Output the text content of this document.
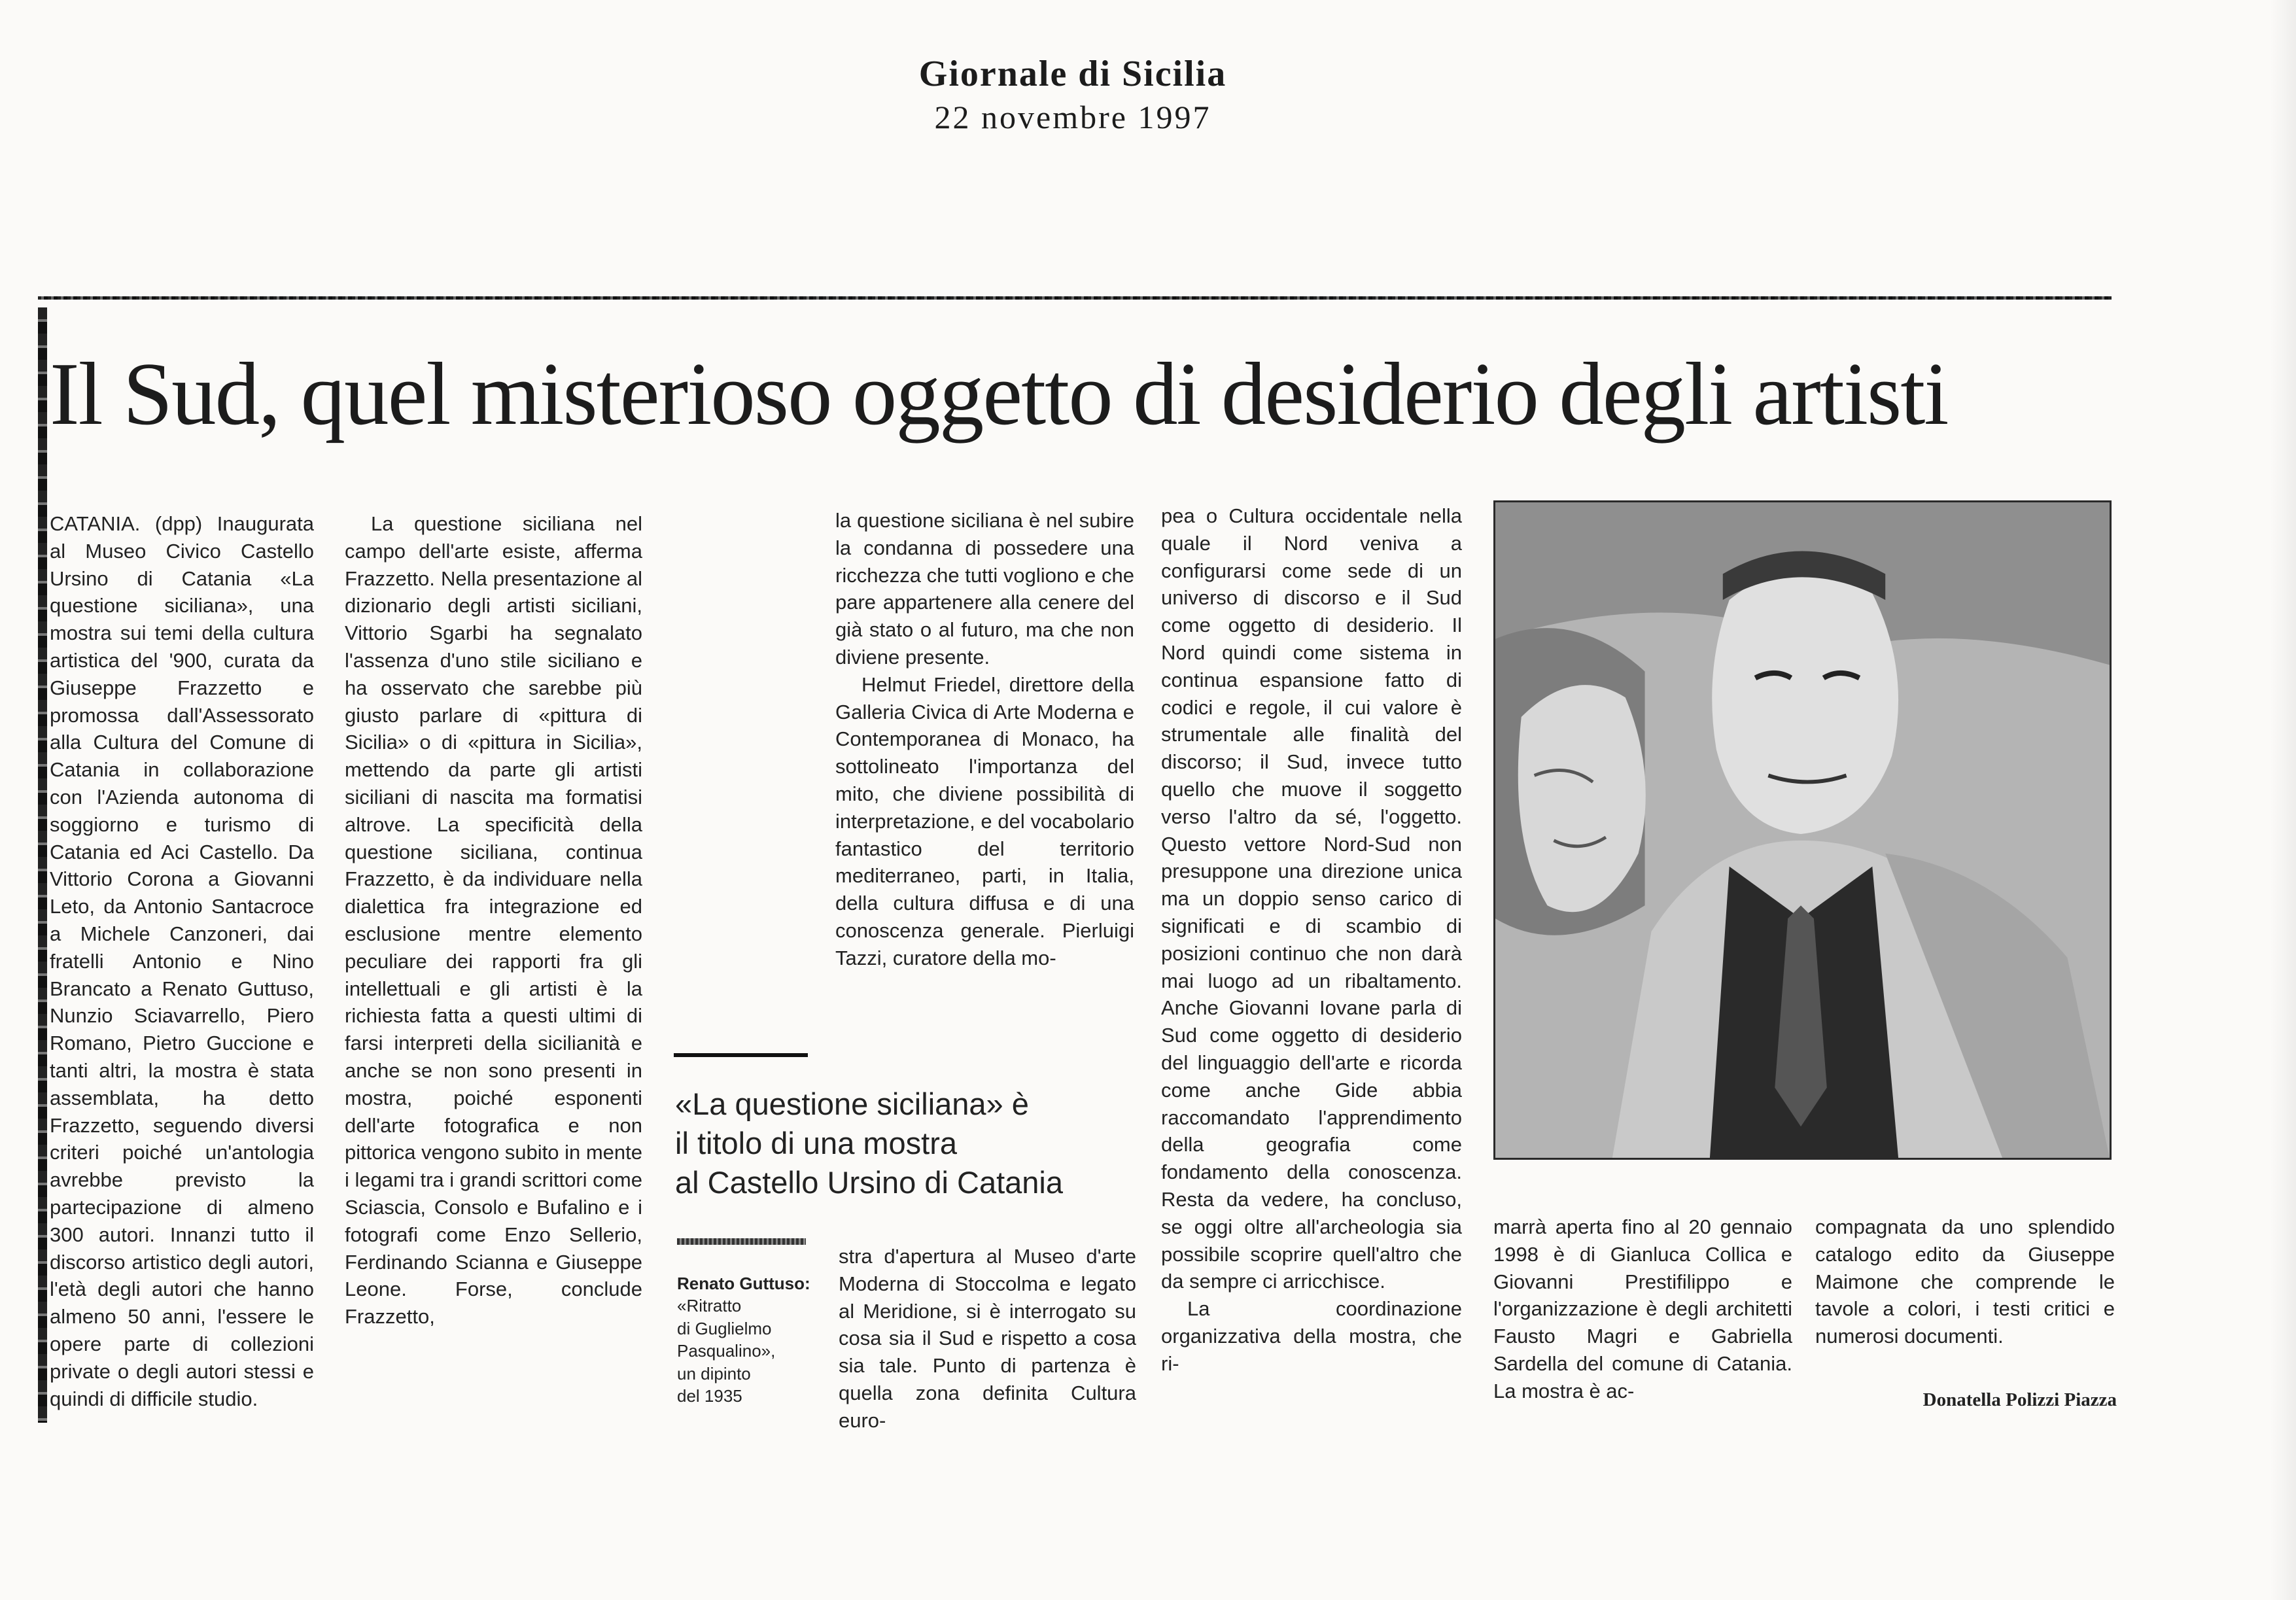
Giornale di Sicilia
22 novembre 1997
Il Sud, quel misterioso oggetto di desiderio degli artisti

CATANIA. (dpp) Inaugurata al Museo Civico Castello Ursino di Catania «La questione siciliana», una mostra sui temi della cultura artistica del '900, curata da Giuseppe Frazzetto e promossa dall'Assessorato alla Cultura del Comune di Catania in collaborazione con l'Azienda autonoma di soggiorno e turismo di Catania ed Aci Castello. Da Vittorio Corona a Giovanni Leto, da Antonio Santacroce a Michele Canzoneri, dai fratelli Antonio e Nino Brancato a Renato Guttuso, Nunzio Sciavarrello, Piero Romano, Pietro Guccione e tanti altri, la mostra è stata assemblata, ha detto Frazzetto, seguendo diversi criteri poiché un'antologia avrebbe previsto la partecipazione di almeno 300 autori. Innanzi tutto il discorso artistico degli autori, l'età degli autori che hanno almeno 50 anni, l'essere le opere parte di collezioni private o degli autori stessi e quindi di difficile studio.

La questione siciliana nel campo dell'arte esiste, afferma Frazzetto. Nella presentazione al dizionario degli artisti siciliani, Vittorio Sgarbi ha segnalato l'assenza d'uno stile siciliano e ha osservato che sarebbe più giusto parlare di «pittura di Sicilia» o di «pittura in Sicilia», mettendo da parte gli artisti siciliani di nascita ma formatisi altrove. La specificità della questione siciliana, continua Frazzetto, è da individuare nella dialettica fra integrazione ed esclusione mentre elemento peculiare dei rapporti fra gli intellettuali e gli artisti è la richiesta fatta a questi ultimi di farsi interpreti della sicilianità e anche se non sono presenti in mostra, poiché esponenti dell'arte fotografica e non pittorica vengono subito in mente i legami tra i grandi scrittori come Sciascia, Consolo e Bufalino e i fotografi come Enzo Sellerio, Ferdinando Scianna e Giuseppe Leone. Forse, conclude Frazzetto,

la questione siciliana è nel subire la condanna di possedere una ricchezza che tutti vogliono e che pare appartenere alla cenere del già stato o al futuro, ma che non diviene presente.

Helmut Friedel, direttore della Galleria Civica di Arte Moderna e Contemporanea di Monaco, ha sottolineato l'importanza del mito, che diviene possibilità di interpretazione, e del vocabolario fantastico del territorio mediterraneo, parti, in Italia, della cultura diffusa e di una conoscenza generale. Pierluigi Tazzi, curatore della mo-

stra d'apertura al Museo d'arte Moderna di Stoccolma e legato al Meridione, si è interrogato su cosa sia il Sud e rispetto a cosa sia tale. Punto di partenza è quella zona definita Cultura euro-

pea o Cultura occidentale nella quale il Nord veniva a configurarsi come sede di un universo di discorso e il Sud come oggetto di desiderio. Il Nord quindi come sistema in continua espansione fatto di codici e regole, il cui valore è strumentale alle finalità del discorso; il Sud, invece tutto quello che muove il soggetto verso l'altro da sé, l'oggetto. Questo vettore Nord-Sud non presuppone una direzione unica ma un doppio senso carico di significati e di scambio di posizioni continuo che non darà mai luogo ad un ribaltamento. Anche Giovanni Iovane parla di Sud come oggetto di desiderio del linguaggio dell'arte e ricorda come anche Gide abbia raccomandato l'apprendimento della geografia come fondamento della conoscenza. Resta da vedere, ha concluso, se oggi oltre all'archeologia sia possibile scoprire quell'altro che da sempre ci arricchisce.

La coordinazione organizzativa della mostra, che ri-

marrà aperta fino al 20 gennaio 1998 è di Gianluca Collica e Giovanni Prestifilippo e l'organizzazione è degli architetti Fausto Magri e Gabriella Sardella del comune di Catania. La mostra è ac-

compagnata da uno splendido catalogo edito da Giuseppe Maimone che comprende le tavole a colori, i testi critici e numerosi documenti.

«La questione siciliana» è
il titolo di una mostra
al Castello Ursino di Catania
Renato Guttuso:
«Ritratto
di Guglielmo
Pasqualino»,
un dipinto
del 1935	Donatella Polizzi Piazza
